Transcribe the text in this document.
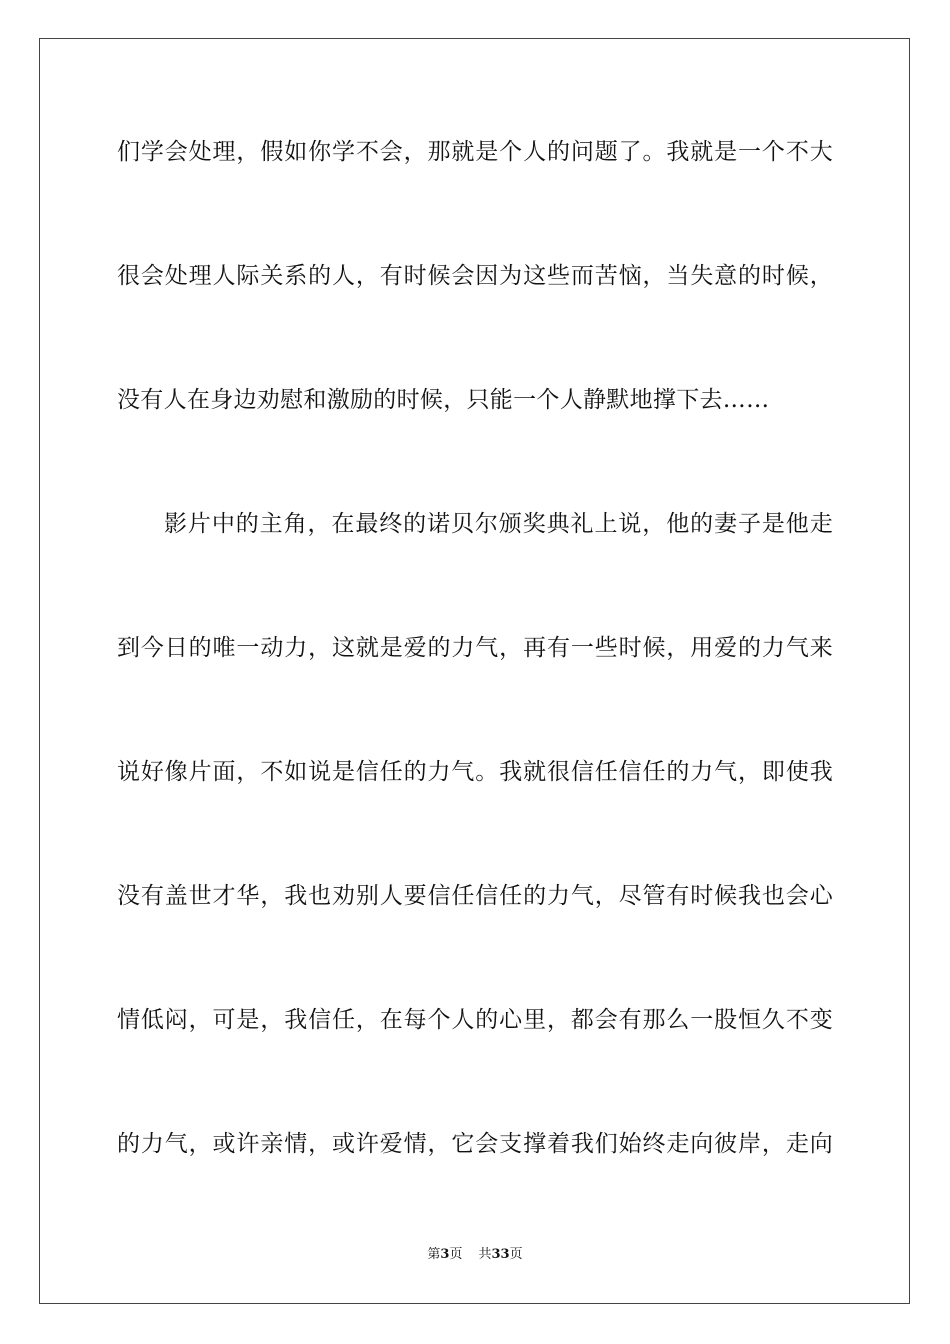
们学会处理，假如你学不会，那就是个人的问题了。我就是一个不大
很会处理人际关系的人，有时候会因为这些而苦恼，当失意的时候，
没有人在身边劝慰和激励的时候，只能一个人静默地撑下去……
影片中的主角，在最终的诺贝尔颁奖典礼上说，他的妻子是他走
到今日的唯一动力，这就是爱的力气，再有一些时候，用爱的力气来
说好像片面，不如说是信任的力气。我就很信任信任的力气，即使我
没有盖世才华，我也劝别人要信任信任的力气，尽管有时候我也会心
情低闷，可是，我信任，在每个人的心里，都会有那么一股恒久不变
的力气，或许亲情，或许爱情，它会支撑着我们始终走向彼岸，走向
第3页 共33页
